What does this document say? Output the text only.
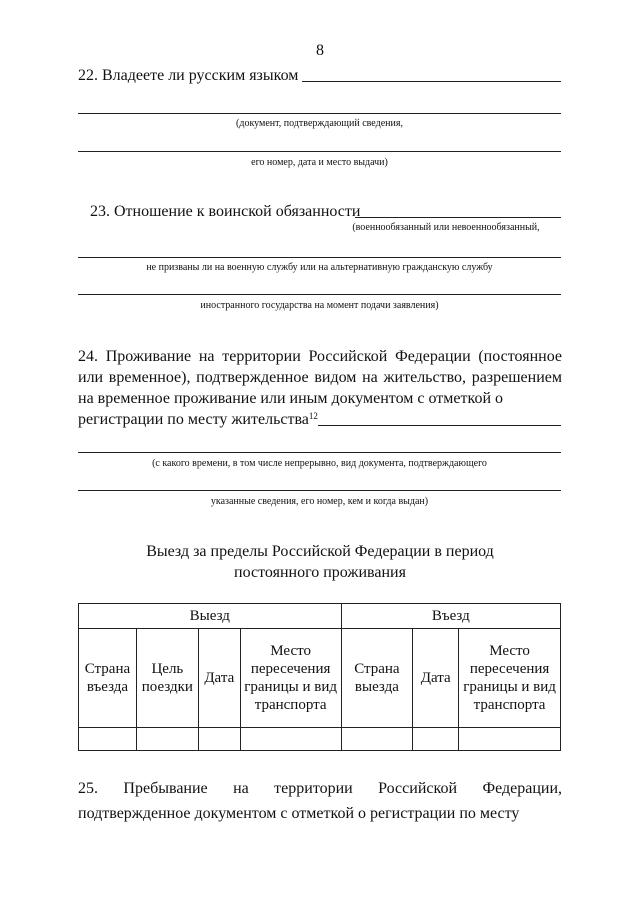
8
22. Владеете ли русским языком
(документ, подтверждающий сведения,
его номер, дата и место выдачи)
23. Отношение к воинской обязанности
(военнообязанный или невоеннообязанный,
не призваны ли на военную службу или на альтернативную гражданскую службу
иностранного государства на момент подачи заявления)
24. Проживание на территории Российской Федерации (постоянное или временное), подтвержденное видом на жительство, разрешением на временное проживание или иным документом с отметкой о
регистрации по месту жительства$^{12}$
(с какого времени, в том числе непрерывно, вид документа, подтверждающего
указанные сведения, его номер, кем и когда выдан)
Выезд за пределы Российской Федерации в период
постоянного проживания
Выезд				Въезд		
Страна въезда	Цель поездки	Дата	Место пересечения границы и вид транспорта	Страна выезда	Дата	Место пересечения границы и вид транспорта

25. Пребывание на территории Российской Федерации, подтвержденное документом с отметкой о регистрации по месту
